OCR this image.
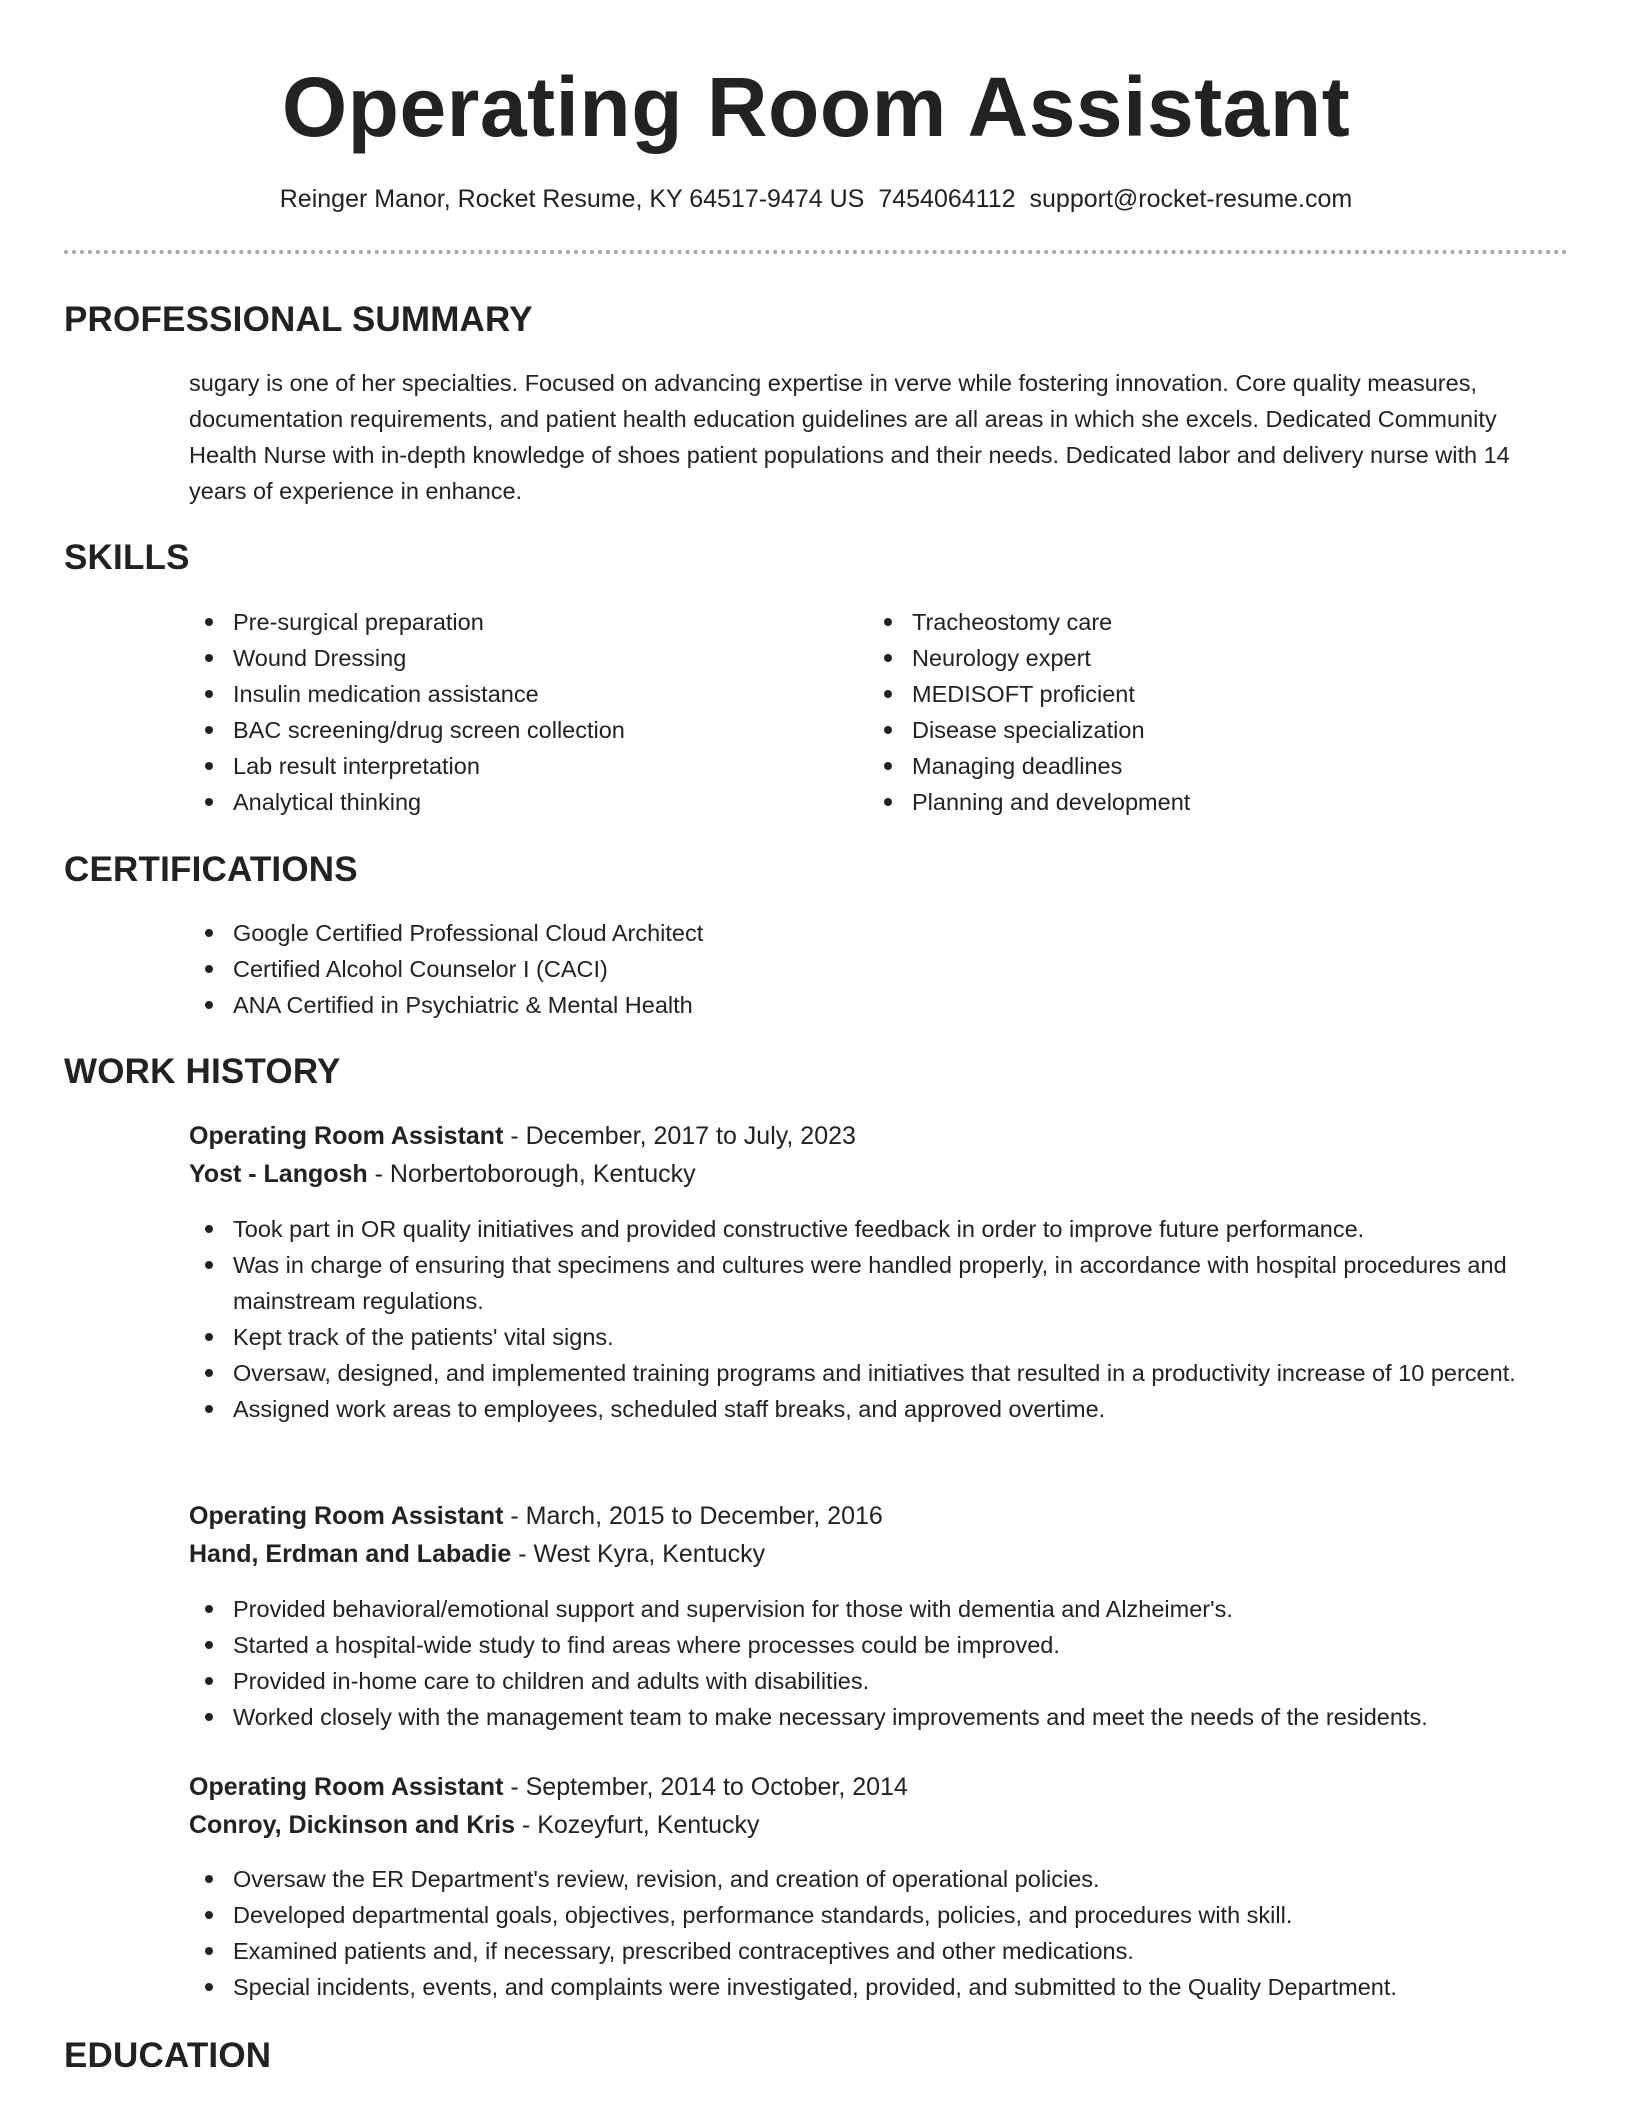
Operating Room Assistant
Reinger Manor, Rocket Resume, KY 64517-9474 US 7454064112 support@rocket-resume.com
PROFESSIONAL SUMMARY

sugary is one of her specialties. Focused on advancing expertise in verve while fostering innovation. Core quality measures, documentation requirements, and patient health education guidelines are all areas in which she excels. Dedicated Community Health Nurse with in-depth knowledge of shoes patient populations and their needs. Dedicated labor and delivery nurse with 14 years of experience in enhance.

SKILLS
Pre-surgical preparation
Wound Dressing
Insulin medication assistance
BAC screening/drug screen collection
Lab result interpretation
Analytical thinking
Tracheostomy care
Neurology expert
MEDISOFT proficient
Disease specialization
Managing deadlines
Planning and development
CERTIFICATIONS
Google Certified Professional Cloud Architect
Certified Alcohol Counselor I (CACI)
ANA Certified in Psychiatric & Mental Health
WORK HISTORY
Operating Room Assistant - December, 2017 to July, 2023
Yost - Langosh - Norbertoborough, Kentucky
Took part in OR quality initiatives and provided constructive feedback in order to improve future performance.
Was in charge of ensuring that specimens and cultures were handled properly, in accordance with hospital procedures and mainstream regulations.
Kept track of the patients' vital signs.
Oversaw, designed, and implemented training programs and initiatives that resulted in a productivity increase of 10 percent.
Assigned work areas to employees, scheduled staff breaks, and approved overtime.
Operating Room Assistant - March, 2015 to December, 2016
Hand, Erdman and Labadie - West Kyra, Kentucky
Provided behavioral/emotional support and supervision for those with dementia and Alzheimer's.
Started a hospital-wide study to find areas where processes could be improved.
Provided in-home care to children and adults with disabilities.
Worked closely with the management team to make necessary improvements and meet the needs of the residents.
Operating Room Assistant - September, 2014 to October, 2014
Conroy, Dickinson and Kris - Kozeyfurt, Kentucky
Oversaw the ER Department's review, revision, and creation of operational policies.
Developed departmental goals, objectives, performance standards, policies, and procedures with skill.
Examined patients and, if necessary, prescribed contraceptives and other medications.
Special incidents, events, and complaints were investigated, provided, and submitted to the Quality Department.
EDUCATION
